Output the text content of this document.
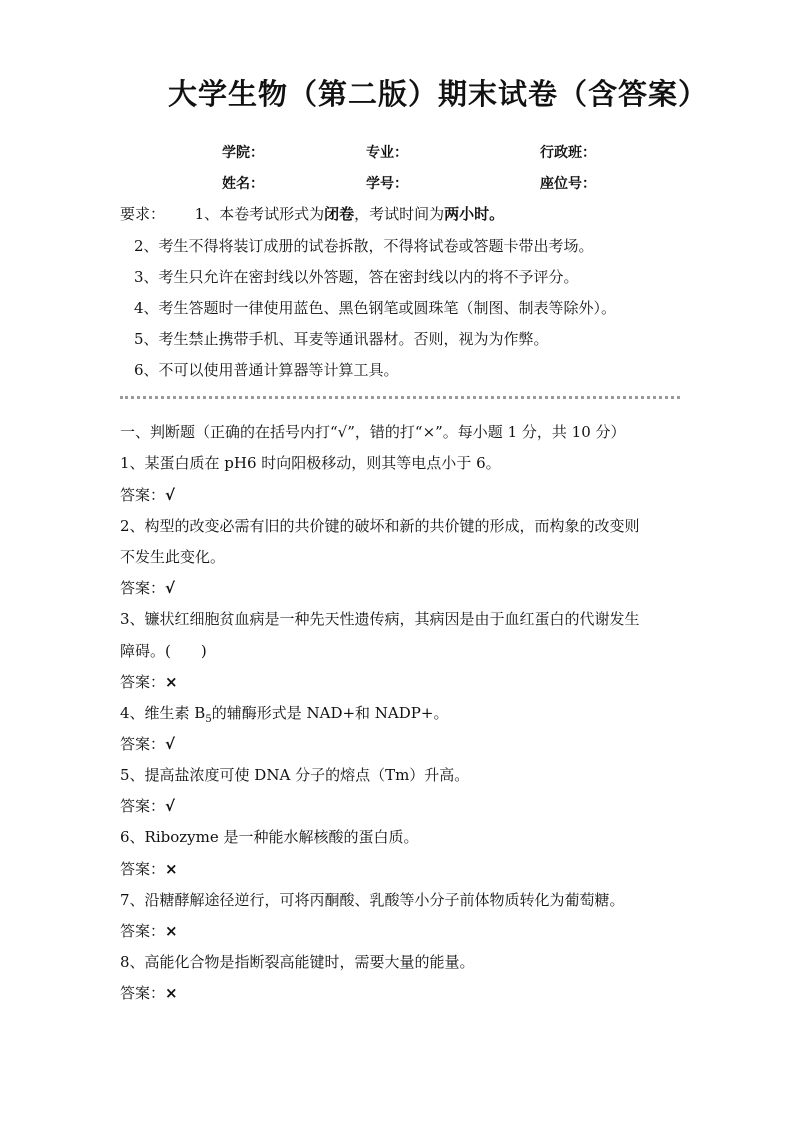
大学生物（第二版）期末试卷（含答案）
学院：	专业：	行政班：
姓名：	学号：	座位号：
要求： 1、本卷考试形式为闭卷，考试时间为两小时。
2、考生不得将装订成册的试卷拆散，不得将试卷或答题卡带出考场。
3、考生只允许在密封线以外答题，答在密封线以内的将不予评分。
4、考生答题时一律使用蓝色、黑色钢笔或圆珠笔（制图、制表等除外）。
5、考生禁止携带手机、耳麦等通讯器材。否则，视为为作弊。
6、不可以使用普通计算器等计算工具。
一、判断题（正确的在括号内打“√”，错的打“×”。每小题 1 分，共 10 分）
1、某蛋白质在 pH6 时向阳极移动，则其等电点小于 6。
答案：√
2、构型的改变必需有旧的共价键的破坏和新的共价键的形成，而构象的改变则
不发生此变化。
答案：√
3、镰状红细胞贫血病是一种先天性遗传病，其病因是由于血红蛋白的代谢发生
障碍。(　　)
答案：×
4、维生素 $B_5$的辅酶形式是 NAD+和 NADP+。
答案：√
5、提高盐浓度可使 DNA 分子的熔点（Tm）升高。
答案：√
6、Ribozyme 是一种能水解核酸的蛋白质。
答案：×
7、沿糖酵解途径逆行，可将丙酮酸、乳酸等小分子前体物质转化为葡萄糖。
答案：×
8、高能化合物是指断裂高能键时，需要大量的能量。
答案：×
